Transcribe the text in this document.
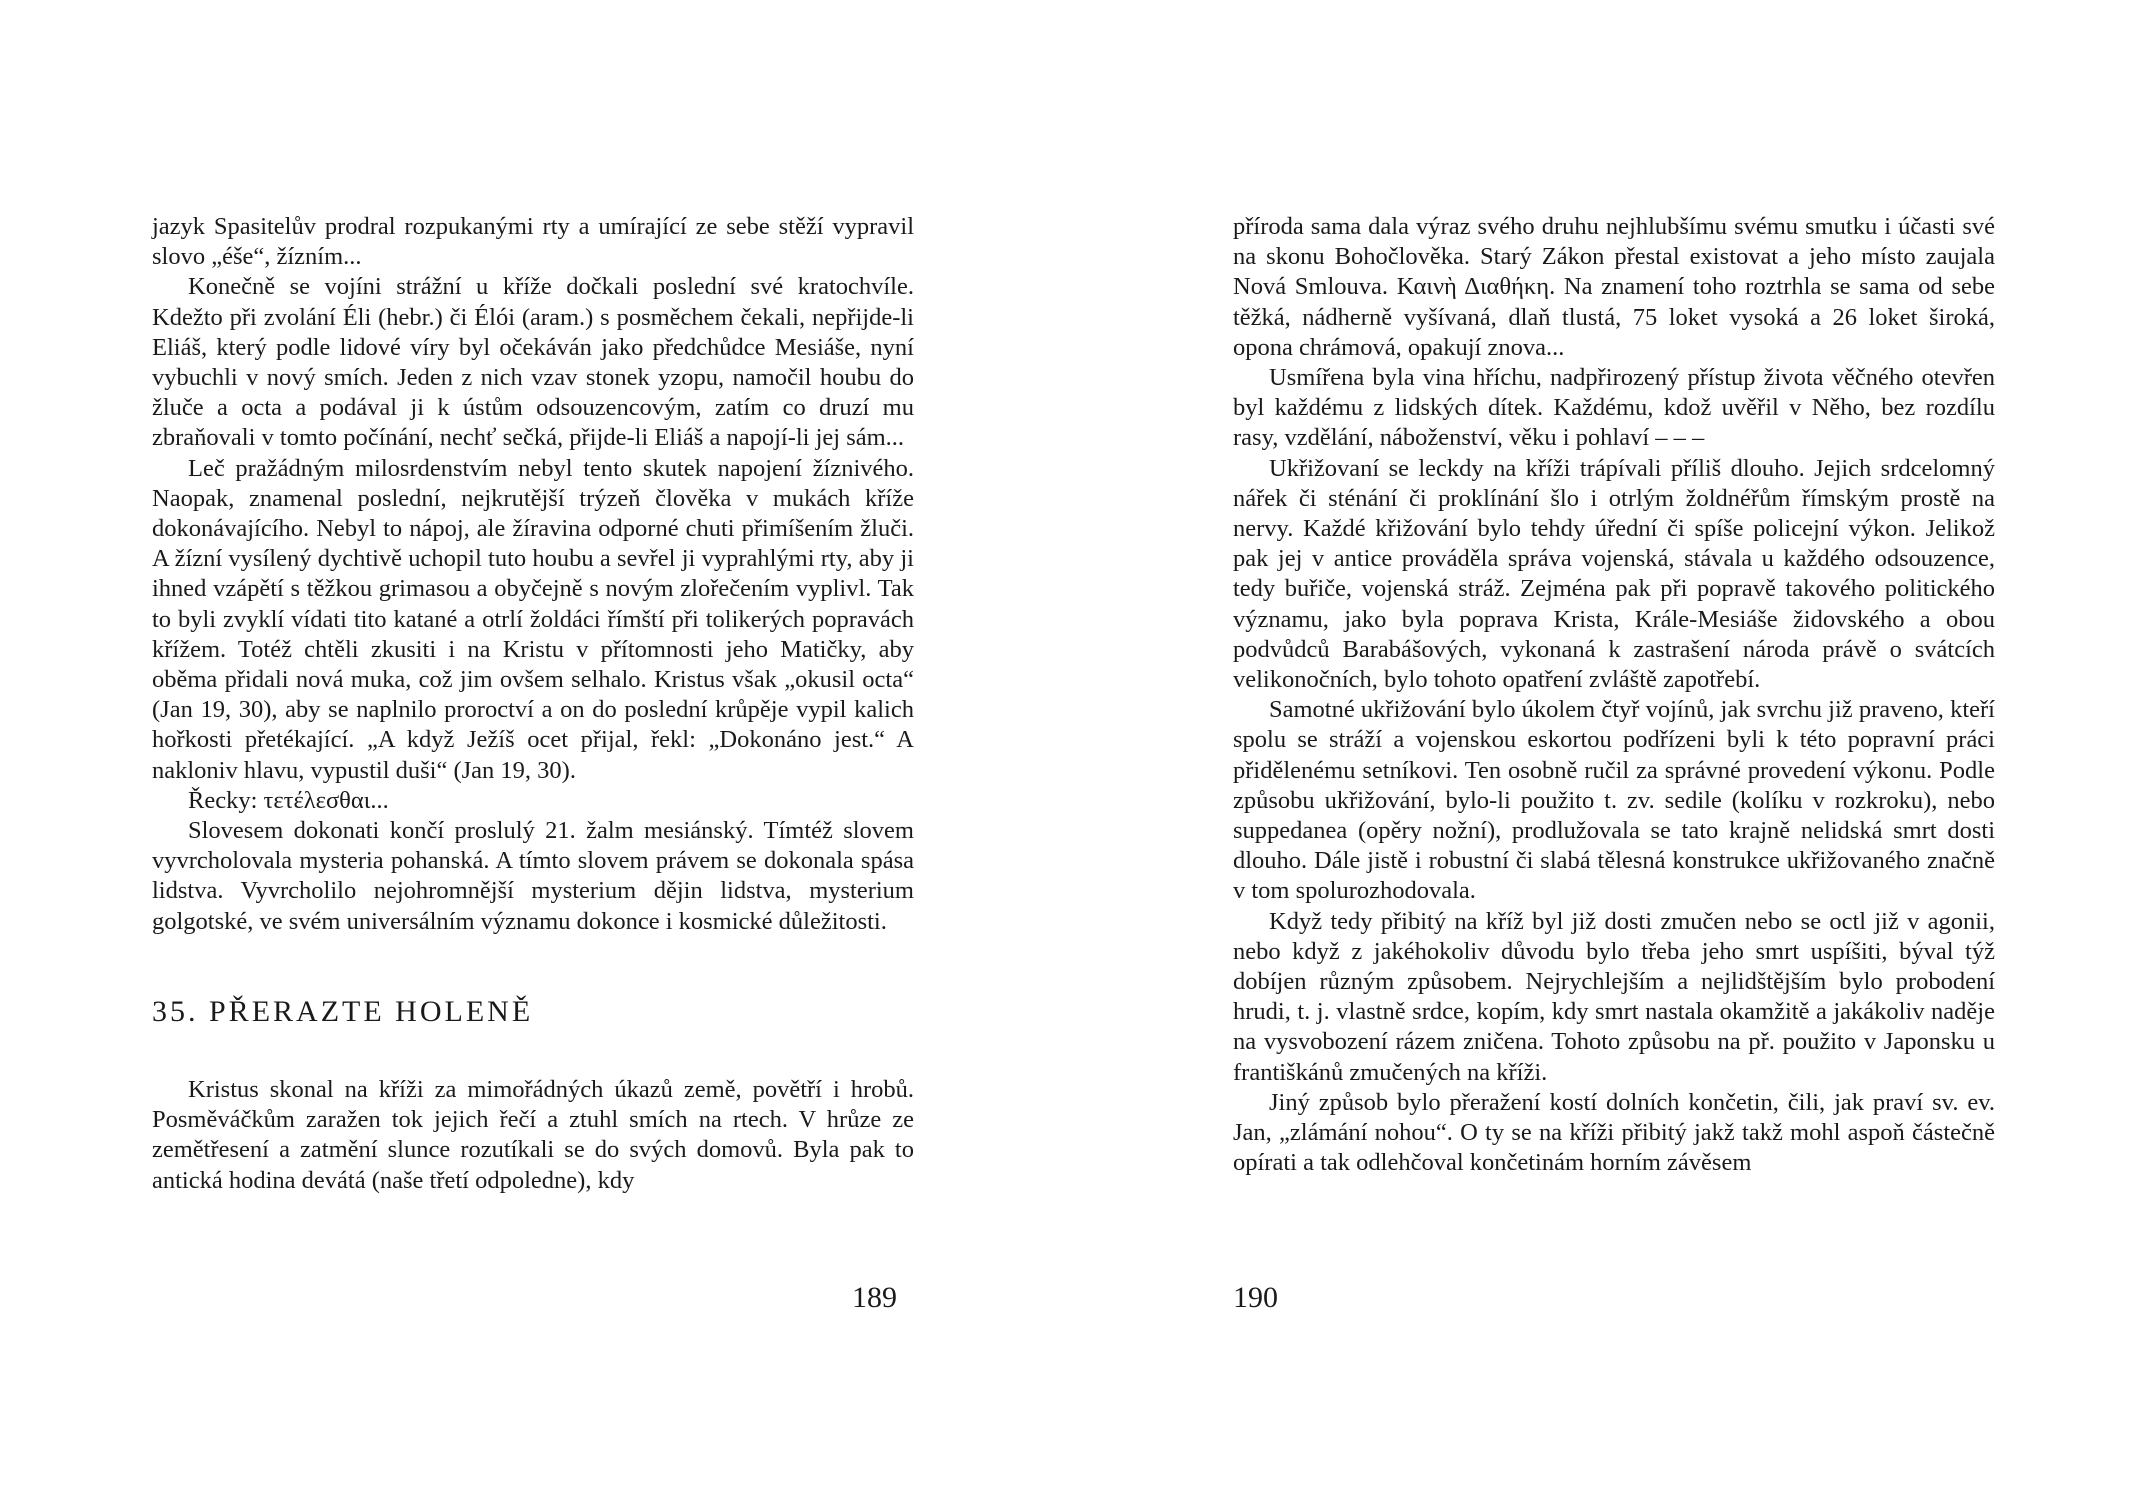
jazyk Spasitelův prodral rozpukanými rty a umírající ze sebe stěží vypravil slovo „éše“, žízním...

Konečně se vojíni strážní u kříže dočkali poslední své kratochvíle. Kdežto při zvolání Éli (hebr.) či Élói (aram.) s posměchem čekali, nepřijde-li Eliáš, který podle lidové víry byl očekáván jako předchůdce Mesiáše, nyní vybuchli v nový smích. Jeden z nich vzav stonek yzopu, namočil houbu do žluče a octa a podával ji k ústům odsouzencovým, zatím co druzí mu zbraňovali v tomto počínání, nechť sečká, přijde-li Eliáš a napojí-li jej sám...

Leč pražádným milosrdenstvím nebyl tento skutek napojení žíznivého. Naopak, znamenal poslední, nejkrutější trýzeň člověka v mukách kříže dokonávajícího. Nebyl to nápoj, ale žíravina odporné chuti přimíšením žluči. A žízní vysílený dychtivě uchopil tuto houbu a sevřel ji vyprahlými rty, aby ji ihned vzápětí s těžkou grimasou a obyčejně s novým zlořečením vyplivl. Tak to byli zvyklí vídati tito katané a otrlí žoldáci římští při tolikerých popravách křížem. Totéž chtěli zkusiti i na Kristu v přítomnosti jeho Matičky, aby oběma přidali nová muka, což jim ovšem selhalo. Kristus však „okusil octa“ (Jan 19, 30), aby se naplnilo proroctví a on do poslední krůpěje vypil kalich hořkosti přetékající. „A když Ježíš ocet přijal, řekl: „Dokonáno jest.“ A nakloniv hlavu, vypustil duši“ (Jan 19, 30).

Řecky: τετέλεσθαι...

Slovesem dokonati končí proslulý 21. žalm mesiánský. Tímtéž slovem vyvrcholovala mysteria pohanská. A tímto slovem právem se dokonala spása lidstva. Vyvrcholilo nejohromnější mysterium dějin lidstva, mysterium golgotské, ve svém universálním významu dokonce i kosmické důležitosti.

35. PŘERAZTE HOLENĚ

Kristus skonal na kříži za mimořádných úkazů země, povětří i hrobů. Posměváčkům zaražen tok jejich řečí a ztuhl smích na rtech. V hrůze ze zemětřesení a zatmění slunce rozutíkali se do svých domovů. Byla pak to antická hodina devátá (naše třetí odpoledne), kdy

189

příroda sama dala výraz svého druhu nejhlubšímu svému smutku i účasti své na skonu Bohočlověka. Starý Zákon přestal existovat a jeho místo zaujala Nová Smlouva. Καινὴ Διαθήκη. Na znamení toho roztrhla se sama od sebe těžká, nádherně vyšívaná, dlaň tlustá, 75 loket vysoká a 26 loket široká, opona chrámová, opakují znova...

Usmířena byla vina hříchu, nadpřirozený přístup života věčného otevřen byl každému z lidských dítek. Každému, kdož uvěřil v Něho, bez rozdílu rasy, vzdělání, náboženství, věku i pohlaví – – –

Ukřižovaní se leckdy na kříži trápívali příliš dlouho. Jejich srdcelomný nářek či sténání či proklínání šlo i otrlým žoldnéřům římským prostě na nervy. Každé křižování bylo tehdy úřední či spíše policejní výkon. Jelikož pak jej v antice prováděla správa vojenská, stávala u každého odsouzence, tedy buřiče, vojenská stráž. Zejména pak při popravě takového politického významu, jako byla poprava Krista, Krále-Mesiáše židovského a obou podvůdců Barabášových, vykonaná k zastrašení národa právě o svátcích velikonočních, bylo tohoto opatření zvláště zapotřebí.

Samotné ukřižování bylo úkolem čtyř vojínů, jak svrchu již praveno, kteří spolu se stráží a vojenskou eskortou podřízeni byli k této popravní práci přidělenému setníkovi. Ten osobně ručil za správné provedení výkonu. Podle způsobu ukřižování, bylo-li použito t. zv. sedile (kolíku v rozkroku), nebo suppedanea (opěry nožní), prodlužovala se tato krajně nelidská smrt dosti dlouho. Dále jistě i robustní či slabá tělesná konstrukce ukřižovaného značně v tom spolurozhodovala.

Když tedy přibitý na kříž byl již dosti zmučen nebo se octl již v agonii, nebo když z jakéhokoliv důvodu bylo třeba jeho smrt uspíšiti, býval týž dobíjen různým způsobem. Nejrychlejším a nejlidštějším bylo probodení hrudi, t. j. vlastně srdce, kopím, kdy smrt nastala okamžitě a jakákoliv naděje na vysvobození rázem zničena. Tohoto způsobu na př. použito v Japonsku u františkánů zmučených na kříži.

Jiný způsob bylo přeražení kostí dolních končetin, čili, jak praví sv. ev. Jan, „zlámání nohou“. O ty se na kříži přibitý jakž takž mohl aspoň částečně opírati a tak odlehčoval končetinám horním závěsem

190
